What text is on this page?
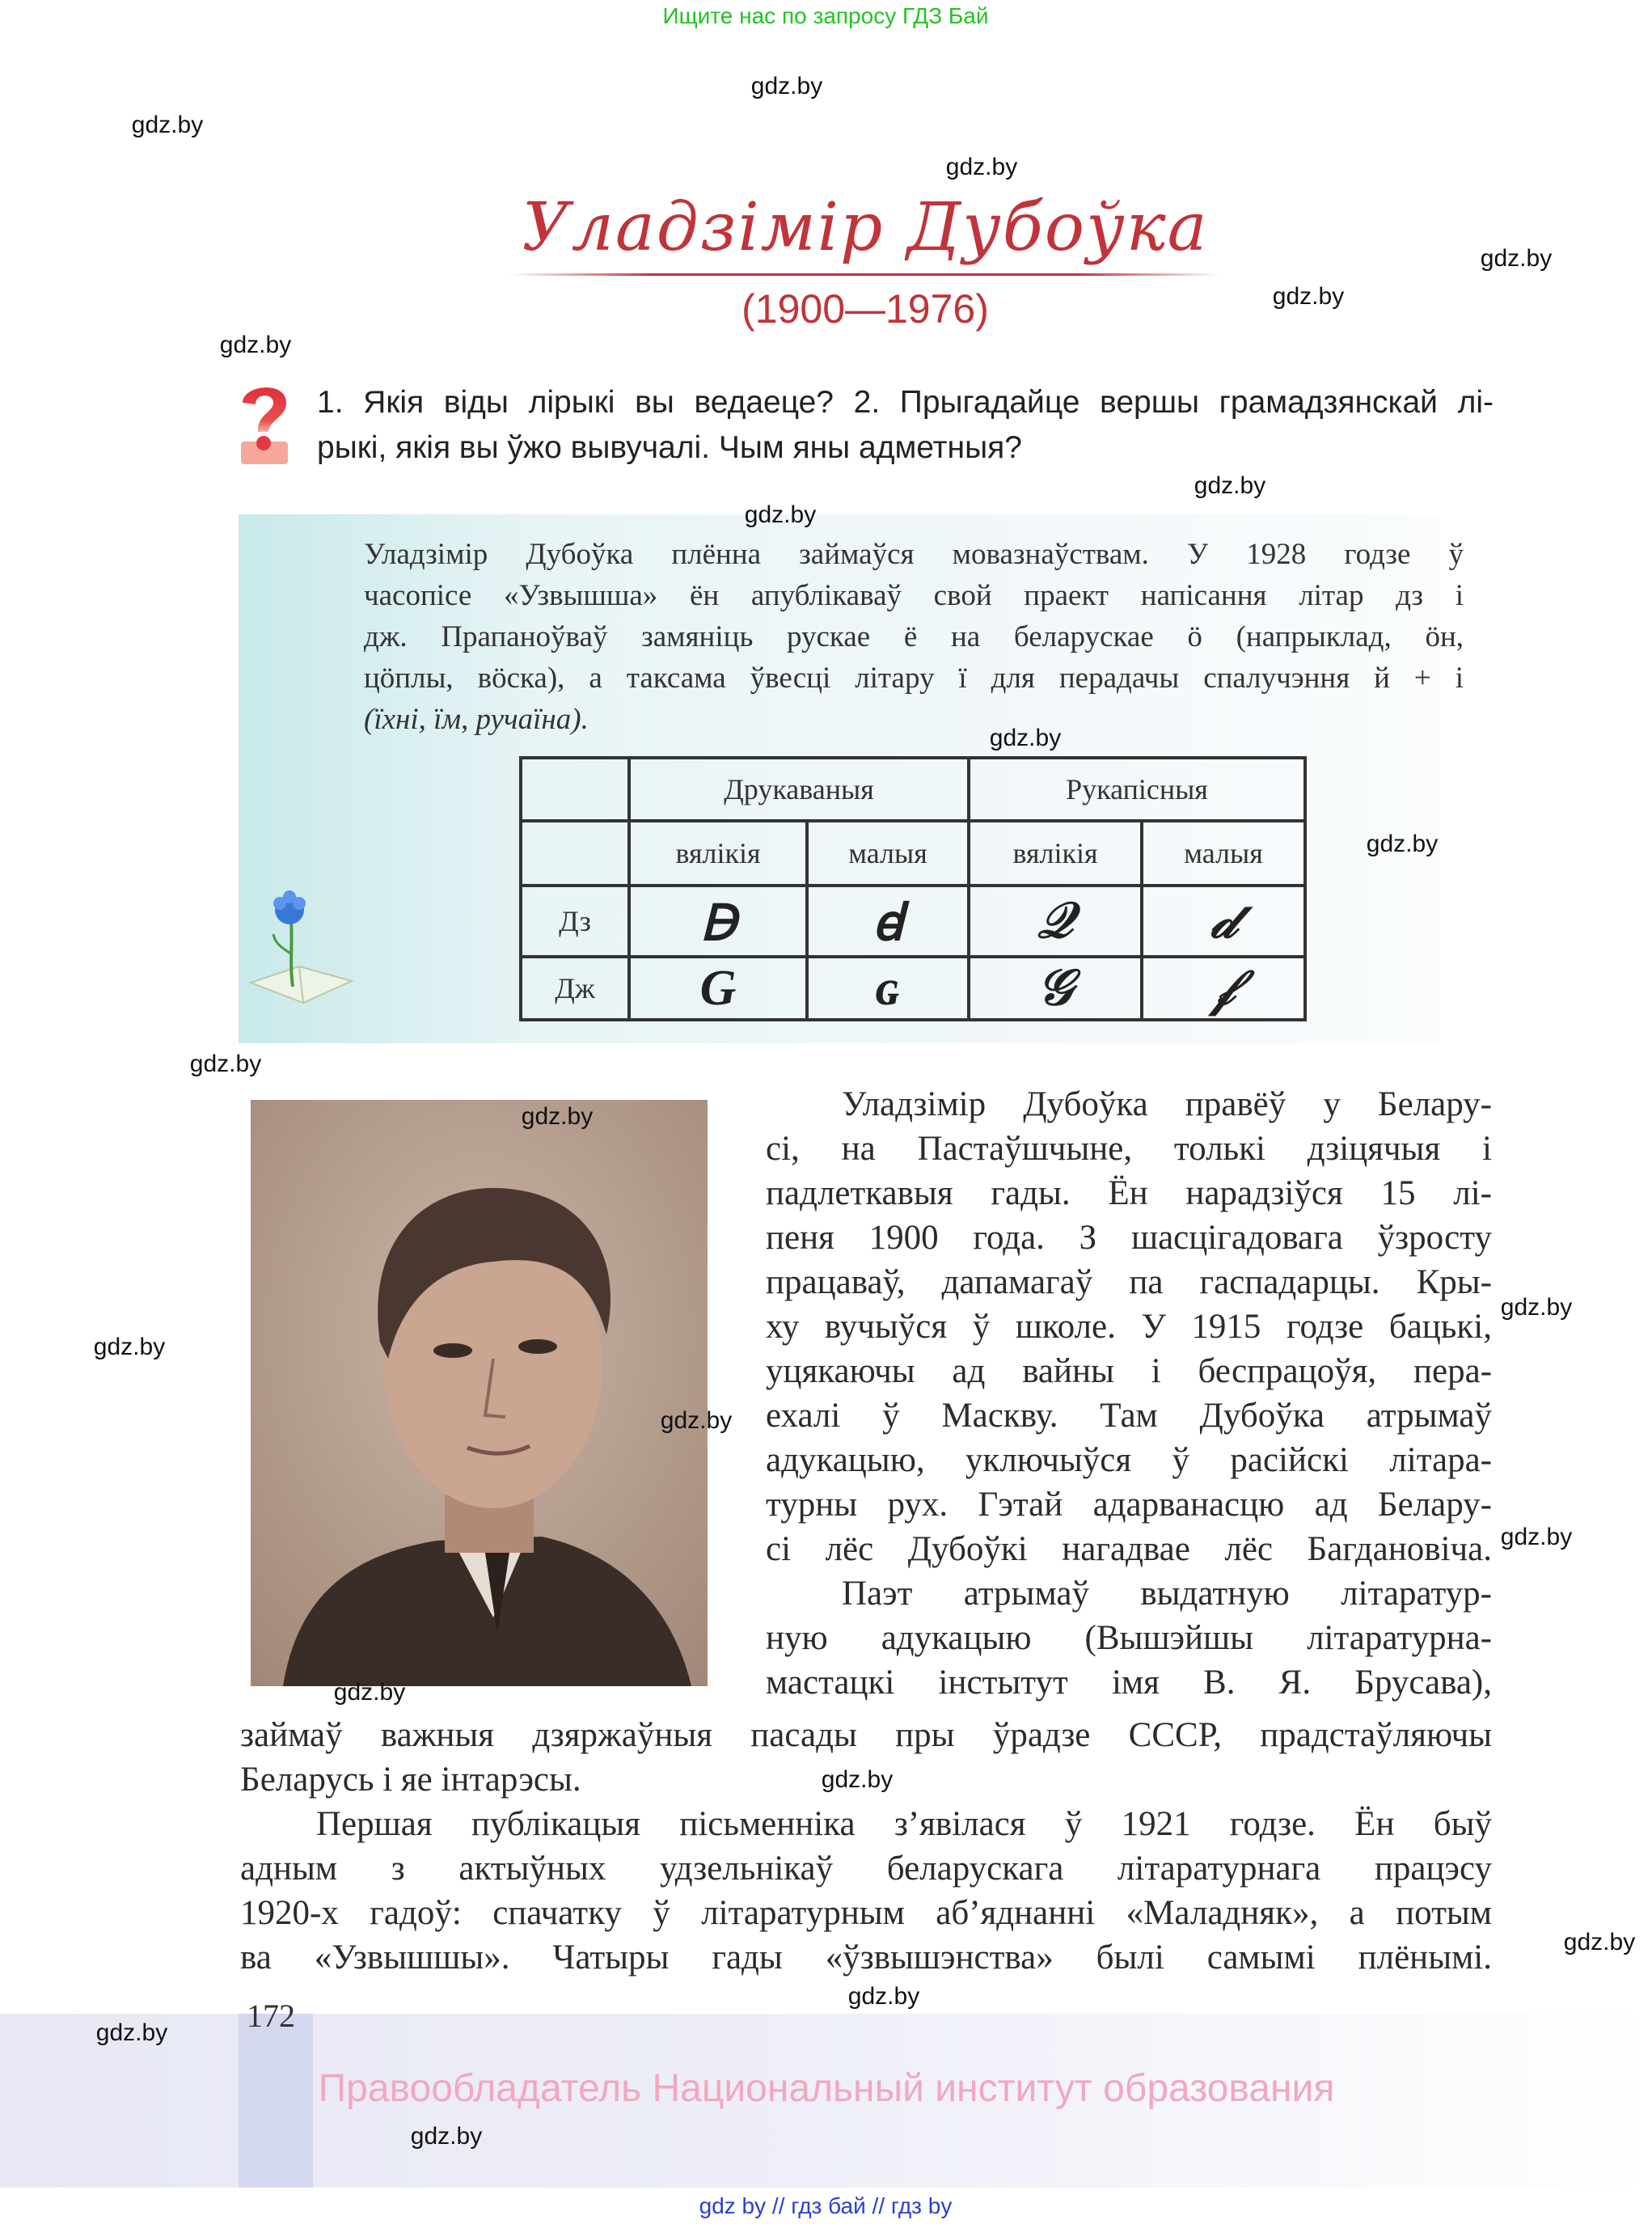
Ищите нас по запросу ГДЗ Бай
Уладзімір Дубоўка
(1900—1976)
1. Якія віды лірыкі вы ведаеце? 2. Прыгадайце вершы грамадзянскай лі-
рыкі, якія вы ўжо вывучалі. Чым яны адметныя?
Уладзімір Дубоўка плённа займаўся мовазнаўствам. У 1928 годзе ў
часопісе «Узвышша» ён апублікаваў свой праект напісання літар дз і
дж. Прапаноўваў замяніць рускае ё на беларускае ӧ (напрыклад, ӧн,
цӧплы, вӧска), а таксама ўвесці літару ї для перадачы спалучэння й + і
(їхні, їм, ручаїна).
	Друкаваныя		Рукапісныя	
	вялікія	малыя	вялікія	малыя
Дз	Ꟈ	ꟈ	𝒬	𝒹
Дж	G	ɢ	𝒢	𝒻
Уладзімір Дубоўка правёў у Белару-
сі, на Пастаўшчыне, толькі дзіцячыя і
падлеткавыя гады. Ён нарадзіўся 15 лі-
пеня 1900 года. З шасцігадовага ўзросту
працаваў, дапамагаў па гаспадарцы. Кры-
ху вучыўся ў школе. У 1915 годзе бацькі,
уцякаючы ад вайны і беспрацоўя, пера-
ехалі ў Маскву. Там Дубоўка атрымаў
адукацыю, уключыўся ў расійскі літара-
турны рух. Гэтай адарванасцю ад Белару-
сі лёс Дубоўкі нагадвае лёс Багдановіча.
Паэт атрымаў выдатную літаратур-
ную адукацыю (Вышэйшы літаратурна-
мастацкі інстытут імя В. Я. Брусава),
займаў важныя дзяржаўныя пасады пры ўрадзе СССР, прадстаўляючы
Беларусь і яе інтарэсы.
Першая публікацыя пісьменніка з’явілася ў 1921 годзе. Ён быў
адным з актыўных удзельнікаў беларускага літаратурнага працэсу
1920-х гадоў: спачатку ў літаратурным аб’яднанні «Маладняк», а потым
ва «Узвышшы». Чатыры гады «ўзвышэнства» былі самымі плёнымі.
172
Правообладатель Национальный институт образования
gdz by // гдз бай // гдз by
gdz.by
gdz.by
gdz.by
gdz.by
gdz.by
gdz.by
gdz.by
gdz.by
gdz.by
gdz.by
gdz.by
gdz.by
gdz.by
gdz.by
gdz.by
gdz.by
gdz.by
gdz.by
gdz.by
gdz.by
gdz.by
gdz.by
